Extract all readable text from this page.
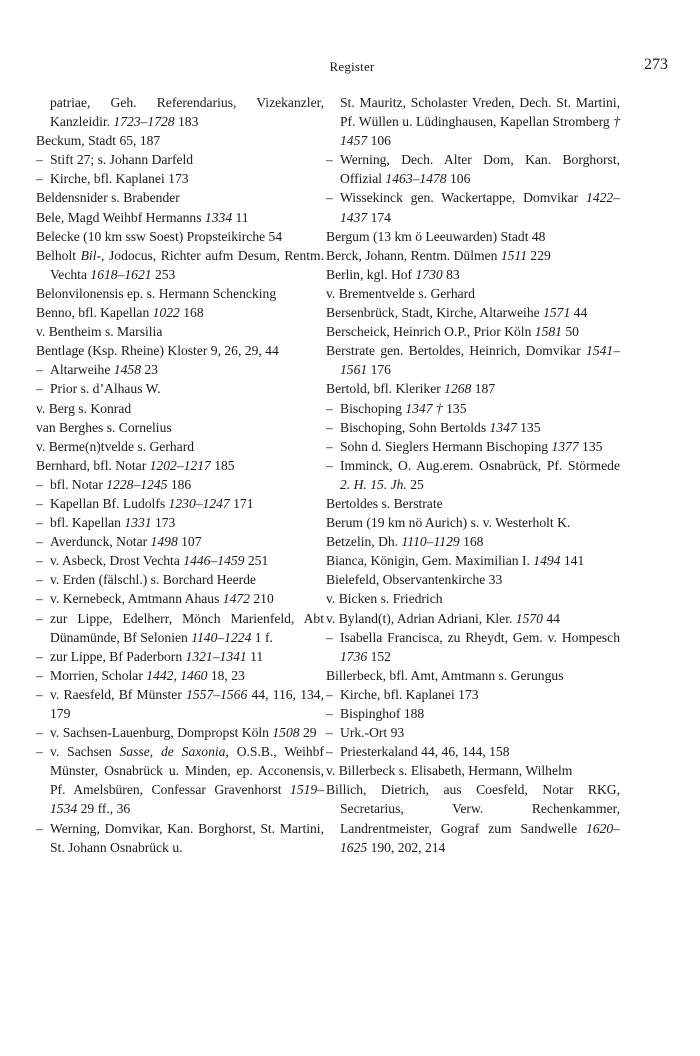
Register	273
patriae, Geh. Referendarius, Vizekanzler, Kanzleidir. 1723–1728 183
Beckum, Stadt 65, 187
– Stift 27; s. Johann Darfeld
– Kirche, bfl. Kaplanei 173
Beldensnider s. Brabender
Bele, Magd Weihbf Hermanns 1334 11
Belecke (10 km ssw Soest) Propsteikirche 54
Belholt Bil-, Jodocus, Richter aufm Desum, Rentm. Vechta 1618–1621 253
Belonvilonensis ep. s. Hermann Schencking
Benno, bfl. Kapellan 1022 168
v. Bentheim s. Marsilia
Bentlage (Ksp. Rheine) Kloster 9, 26, 29, 44
– Altarweihe 1458 23
– Prior s. d’Alhaus W.
v. Berg s. Konrad
van Berghes s. Cornelius
v. Berme(n)tvelde s. Gerhard
Bernhard, bfl. Notar 1202–1217 185
– bfl. Notar 1228–1245 186
– Kapellan Bf. Ludolfs 1230–1247 171
– bfl. Kapellan 1331 173
– Averdunck, Notar 1498 107
– v. Asbeck, Drost Vechta 1446–1459 251
– v. Erden (fälschl.) s. Borchard Heerde
– v. Kernebeck, Amtmann Ahaus 1472 210
– zur Lippe, Edelherr, Mönch Marienfeld, Abt Dünamünde, Bf Selonien 1140–1224 1 f.
– zur Lippe, Bf Paderborn 1321–1341 11
– Morrien, Scholar 1442, 1460 18, 23
– v. Raesfeld, Bf Münster 1557–1566 44, 116, 134, 179
– v. Sachsen-Lauenburg, Dompropst Köln 1508 29
– v. Sachsen Sasse, de Saxonia, O.S.B., Weihbf Münster, Osnabrück u. Minden, ep. Acconensis, Pf. Amelsbüren, Confessar Gravenhorst 1519–1534 29 ff., 36
– Werning, Domvikar, Kan. Borghorst, St. Martini, St. Johann Osnabrück u.
St. Mauritz, Scholaster Vreden, Dech. St. Martini, Pf. Wüllen u. Lüdinghausen, Kapellan Stromberg † 1457 106
– Werning, Dech. Alter Dom, Kan. Borghorst, Offizial 1463–1478 106
– Wissekinck gen. Wackertappe, Domvikar 1422–1437 174
Bergum (13 km ö Leeuwarden) Stadt 48
Berck, Johann, Rentm. Dülmen 1511 229
Berlin, kgl. Hof 1730 83
v. Brementvelde s. Gerhard
Bersenbrück, Stadt, Kirche, Altarweihe 1571 44
Berscheick, Heinrich O.P., Prior Köln 1581 50
Berstrate gen. Bertoldes, Heinrich, Domvikar 1541–1561 176
Bertold, bfl. Kleriker 1268 187
– Bischoping 1347 † 135
– Bischoping, Sohn Bertolds 1347 135
– Sohn d. Sieglers Hermann Bischoping 1377 135
– Imminck, O. Aug.erem. Osnabrück, Pf. Störmede 2. H. 15. Jh. 25
Bertoldes s. Berstrate
Berum (19 km nö Aurich) s. v. Westerholt K.
Betzelin, Dh. 1110–1129 168
Bianca, Königin, Gem. Maximilian I. 1494 141
Bielefeld, Observantenkirche 33
v. Bicken s. Friedrich
v. Byland(t), Adrian Adriani, Kler. 1570 44
– Isabella Francisca, zu Rheydt, Gem. v. Hompesch 1736 152
Billerbeck, bfl. Amt, Amtmann s. Gerungus
– Kirche, bfl. Kaplanei 173
– Bispinghof 188
– Urk.-Ort 93
– Priesterkaland 44, 46, 144, 158
v. Billerbeck s. Elisabeth, Hermann, Wilhelm
Billich, Dietrich, aus Coesfeld, Notar RKG, Secretarius, Verw. Rechenkammer, Landrentmeister, Gograf zum Sandwelle 1620–1625 190, 202, 214
